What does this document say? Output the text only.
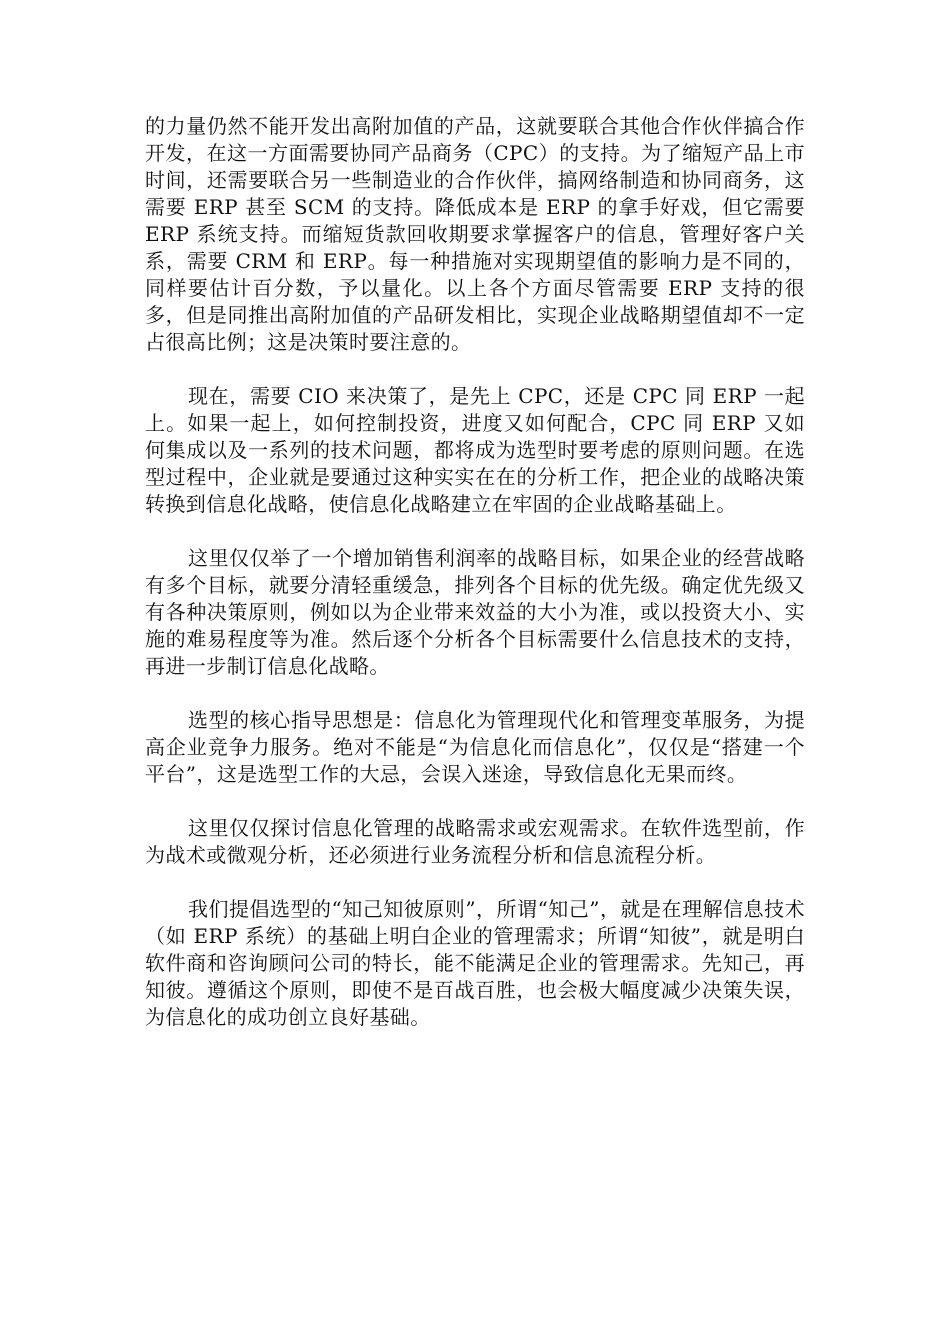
的力量仍然不能开发出高附加值的产品，这就要联合其他合作伙伴搞合作开发，在这一方面需要协同产品商务（CPC）的支持。为了缩短产品上市时间，还需要联合另一些制造业的合作伙伴，搞网络制造和协同商务，这需要 ERP 甚至 SCM 的支持。降低成本是 ERP 的拿手好戏，但它需要 ERP 系统支持。而缩短货款回收期要求掌握客户的信息，管理好客户关系，需要 CRM 和 ERP。每一种措施对实现期望值的影响力是不同的，同样要估计百分数，予以量化。以上各个方面尽管需要 ERP 支持的很多，但是同推出高附加值的产品研发相比，实现企业战略期望值却不一定占很高比例；这是决策时要注意的。

现在，需要 CIO 来决策了，是先上 CPC，还是 CPC 同 ERP 一起上。如果一起上，如何控制投资，进度又如何配合，CPC 同 ERP 又如何集成以及一系列的技术问题，都将成为选型时要考虑的原则问题。在选型过程中，企业就是要通过这种实实在在的分析工作，把企业的战略决策转换到信息化战略，使信息化战略建立在牢固的企业战略基础上。

这里仅仅举了一个增加销售利润率的战略目标，如果企业的经营战略有多个目标，就要分清轻重缓急，排列各个目标的优先级。确定优先级又有各种决策原则，例如以为企业带来效益的大小为准，或以投资大小、实施的难易程度等为准。然后逐个分析各个目标需要什么信息技术的支持，再进一步制订信息化战略。

选型的核心指导思想是：信息化为管理现代化和管理变革服务，为提高企业竞争力服务。绝对不能是“为信息化而信息化”，仅仅是“搭建一个平台”，这是选型工作的大忌，会误入迷途，导致信息化无果而终。

这里仅仅探讨信息化管理的战略需求或宏观需求。在软件选型前，作为战术或微观分析，还必须进行业务流程分析和信息流程分析。

我们提倡选型的“知己知彼原则”，所谓“知己”，就是在理解信息技术（如 ERP 系统）的基础上明白企业的管理需求；所谓“知彼”，就是明白软件商和咨询顾问公司的特长，能不能满足企业的管理需求。先知己，再知彼。遵循这个原则，即使不是百战百胜，也会极大幅度减少决策失误，为信息化的成功创立良好基础。
